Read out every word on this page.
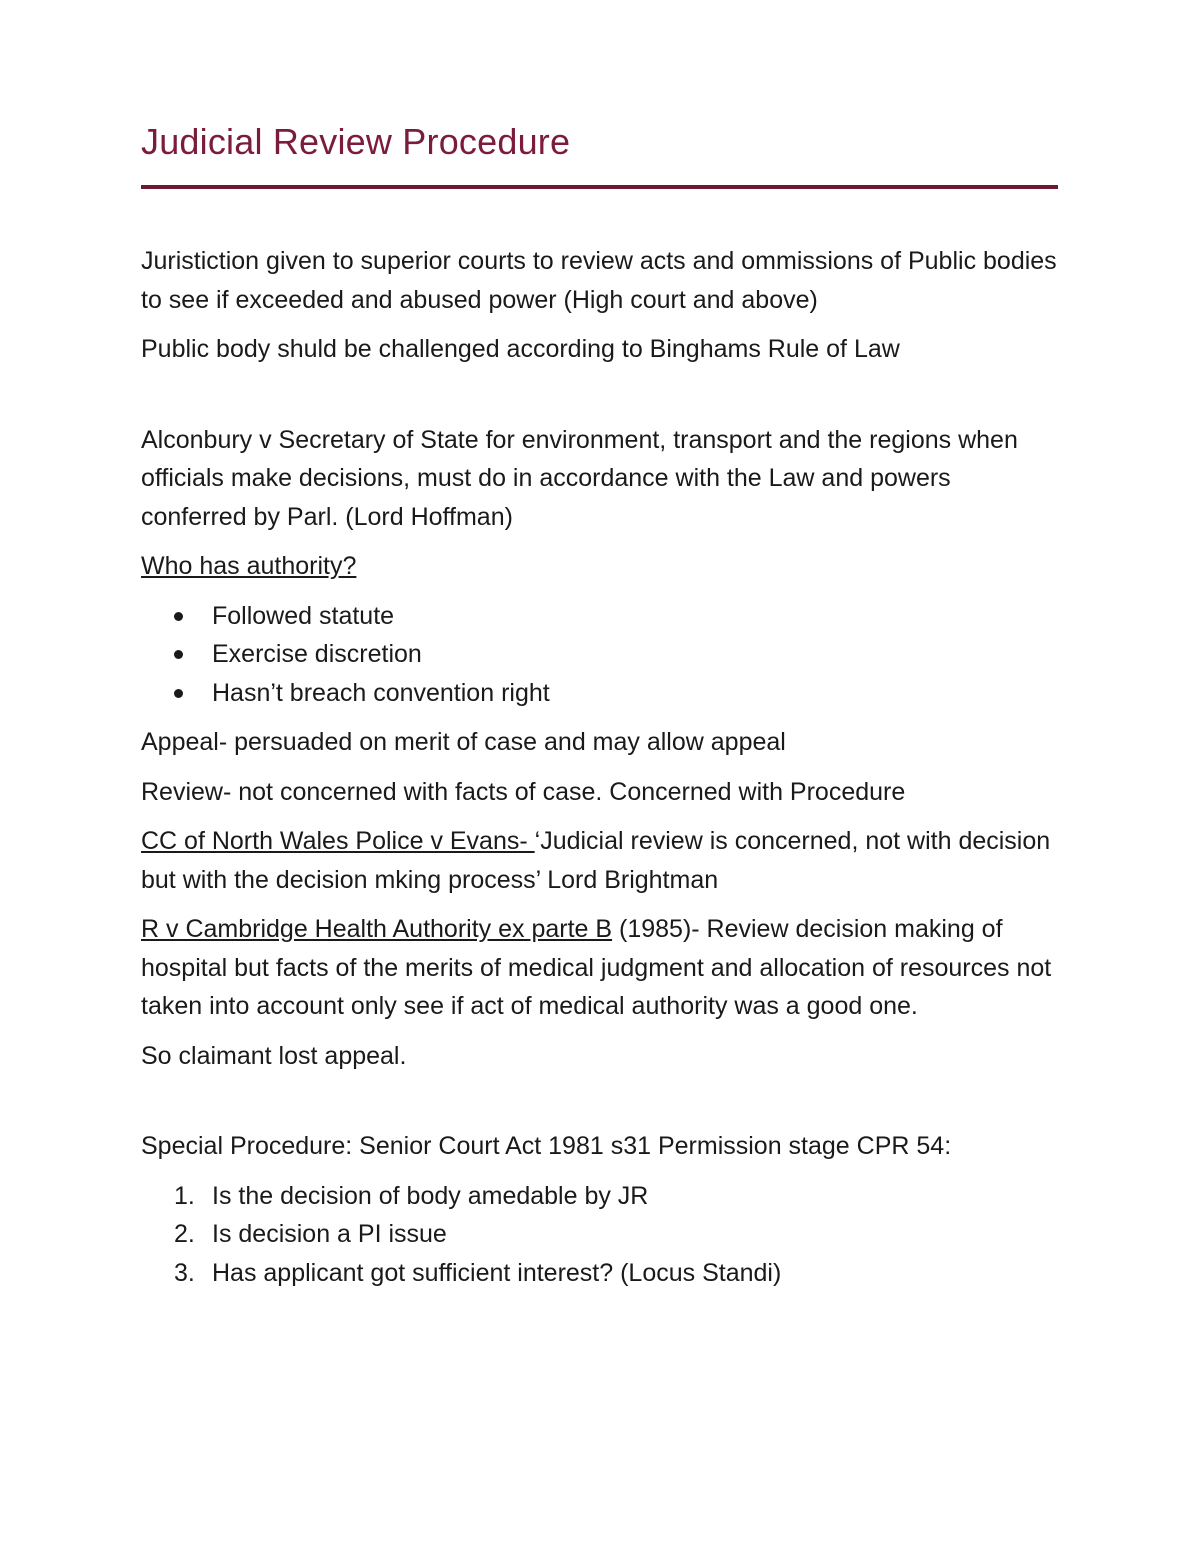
Judicial Review Procedure

Juristiction given to superior courts to review acts and ommissions of Public bodies to see if exceeded and abused power (High court and above)

Public body shuld be challenged according to Binghams Rule of Law

Alconbury v Secretary of State for environment, transport and the regions when officials make decisions, must do in accordance with the Law and powers conferred by Parl. (Lord Hoffman)

Who has authority?

Followed statute
Exercise discretion
Hasn’t breach convention right

Appeal- persuaded on merit of case and may allow appeal

Review- not concerned with facts of case. Concerned with Procedure

CC of North Wales Police v Evans- ‘Judicial review is concerned, not with decision but with the decision mking process’ Lord Brightman

R v Cambridge Health Authority ex parte B (1985)- Review decision making of hospital but facts of the merits of medical judgment and allocation of resources not taken into account only see if act of medical authority was a good one.

So claimant lost appeal.

Special Procedure: Senior Court Act 1981 s31 Permission stage CPR 54:

1. Is the decision of body amedable by JR
2. Is decision a PI issue
3. Has applicant got sufficient interest? (Locus Standi)
